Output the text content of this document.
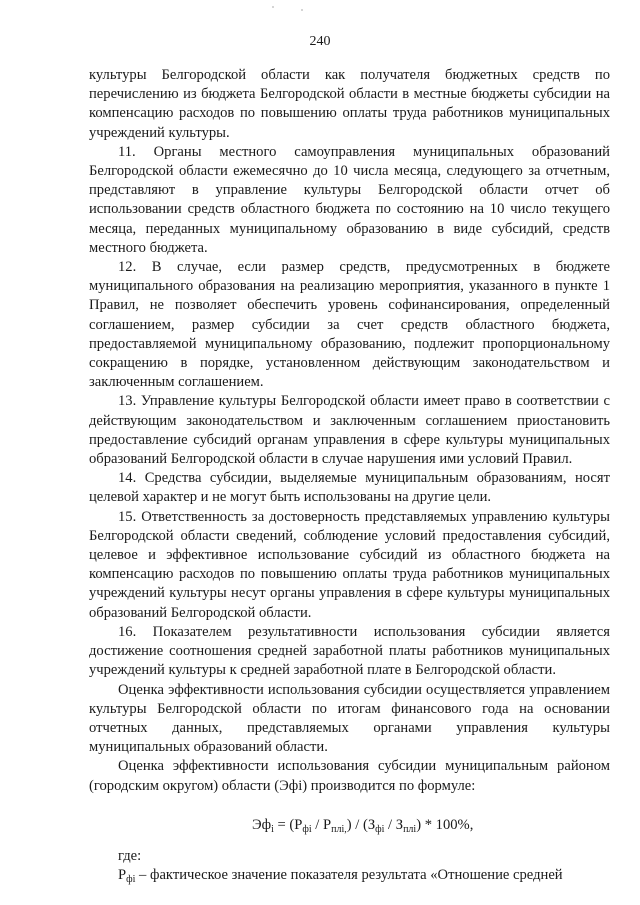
240

культуры Белгородской области как получателя бюджетных средств по перечислению из бюджета Белгородской области в местные бюджеты субсидии на компенсацию расходов по повышению оплаты труда работников муниципальных учреждений культуры.

11. Органы местного самоуправления муниципальных образований Белгородской области ежемесячно до 10 числа месяца, следующего за отчетным, представляют в управление культуры Белгородской области отчет об использовании средств областного бюджета по состоянию на 10 число текущего месяца, переданных муниципальному образованию в виде субсидий, средств местного бюджета.

12. В случае, если размер средств, предусмотренных в бюджете муниципального образования на реализацию мероприятия, указанного в пункте 1 Правил, не позволяет обеспечить уровень софинансирования, определенный соглашением, размер субсидии за счет средств областного бюджета, предоставляемой муниципальному образованию, подлежит пропорциональному сокращению в порядке, установленном действующим законодательством и заключенным соглашением.

13. Управление культуры Белгородской области имеет право в соответствии с действующим законодательством и заключенным соглашением приостановить предоставление субсидий органам управления в сфере культуры муниципальных образований Белгородской области в случае нарушения ими условий Правил.

14. Средства субсидии, выделяемые муниципальным образованиям, носят целевой характер и не могут быть использованы на другие цели.

15. Ответственность за достоверность представляемых управлению культуры Белгородской области сведений, соблюдение условий предоставления субсидий, целевое и эффективное использование субсидий из областного бюджета на компенсацию расходов по повышению оплаты труда работников муниципальных учреждений культуры несут органы управления в сфере культуры муниципальных образований Белгородской области.

16. Показателем результативности использования субсидии является достижение соотношения средней заработной платы работников муниципальных учреждений культуры к средней заработной плате в Белгородской области.

Оценка эффективности использования субсидии осуществляется управлением культуры Белгородской области по итогам финансового года на основании отчетных данных, представляемых органами управления культуры муниципальных образований области.

Оценка эффективности использования субсидии муниципальным районом (городским округом) области (Эфi) производится по формуле:

$Эф_i = (Р_{фi} / Р_{плi,}) / (З_{фi} / З_{плi}) * 100\%$,

где:

$Р_{фi}$ – фактическое значение показателя результата «Отношение средней
